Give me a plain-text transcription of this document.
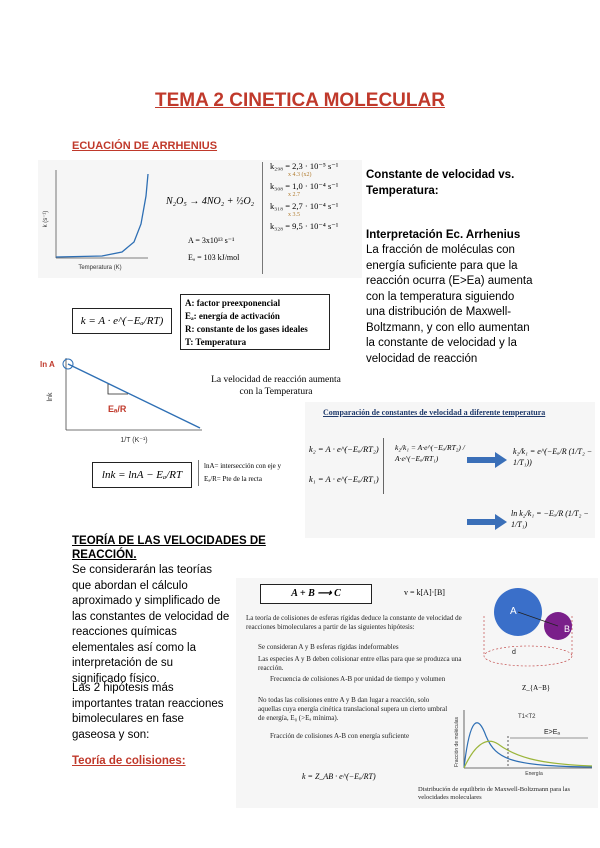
TEMA 2 CINETICA MOLECULAR
ECUACIÓN DE ARRHENIUS
Temperatura (K)
k (s⁻¹)
N₂O₅ → 4NO₂ + ½O₂
A = 3x10¹³ s⁻¹
Eₐ = 103 kJ/mol
k₂₉₈ = 2,3 · 10⁻⁵ s⁻¹
x 4.3 (x2)
k₃₀₈ = 1,0 · 10⁻⁴ s⁻¹
x 2.7
k₃₁₈ = 2,7 · 10⁻⁴ s⁻¹
x 3.5
k₃₂₈ = 9,5 · 10⁻⁴ s⁻¹
Constante de velocidad vs. Temperatura:
Interpretación Ec. Arrhenius
La fracción de moléculas con energía suficiente para que la reacción ocurra (E>Ea) aumenta con la temperatura siguiendo una distribución de Maxwell-Boltzmann, y con ello aumentan la constante de velocidad y la velocidad de reacción
k = A · e^(−Eₐ/RT)
A: factor preexponencial
Eₐ: energía de activación
R: constante de los gases ideales
T: Temperatura
ln A
Eₐ/R
lnk
1/T (K⁻¹)
La velocidad de reacción aumenta con la Temperatura
lnk = lnA − Eₐ/RT
lnA= intersección con eje y
Eₐ/R= Pte de la recta
Comparación de constantes de velocidad a diferente temperatura
k₂ = A · e^(−Eₐ/RT₂)
k₁ = A · e^(−Eₐ/RT₁)
k₂/k₁ = A·e^(−Eₐ/RT₂) / A·e^(−Eₐ/RT₁)
k₂/k₁ = e^(−Eₐ/R (1/T₂ − 1/T₁))
ln k₂/k₁ = −Eₐ/R (1/T₂ − 1/T₁)
TEORÍA DE LAS VELOCIDADES DE REACCIÓN.
Se considerarán las teorías que abordan el cálculo aproximado y simplificado de las constantes de velocidad de reacciones químicas elementales así como la interpretación de su significado físico.
Las 2 hipótesis más importantes tratan reacciones bimoleculares en fase gaseosa y son:
Teoría de colisiones:
A + B ⟶ C	v = k[A]·[B]
La teoría de colisiones de esferas rígidas deduce la constante de velocidad de reacciones bimoleculares a partir de las siguientes hipótesis:
Se consideran A y B esferas rígidas indeformables
Las especies A y B deben colisionar entre ellas para que se produzca una reacción.
Frecuencia de colisiones A-B por unidad de tiempo y volumen
No todas las colisiones entre A y B dan lugar a reacción, solo aquellas cuya energía cinética translacional supera un cierto umbral de energía, E₀ (>Eₐ mínima).
Fracción de colisiones A-B con energía suficiente
k = Z_AB · e^(−Eₐ/RT)
A
B
d
Z_{A−B}
T1<T2
E>Eₐ
Energía
Fracción de moléculas
Distribución de equilibrio de Maxwell-Boltzmann para las velocidades moleculares
